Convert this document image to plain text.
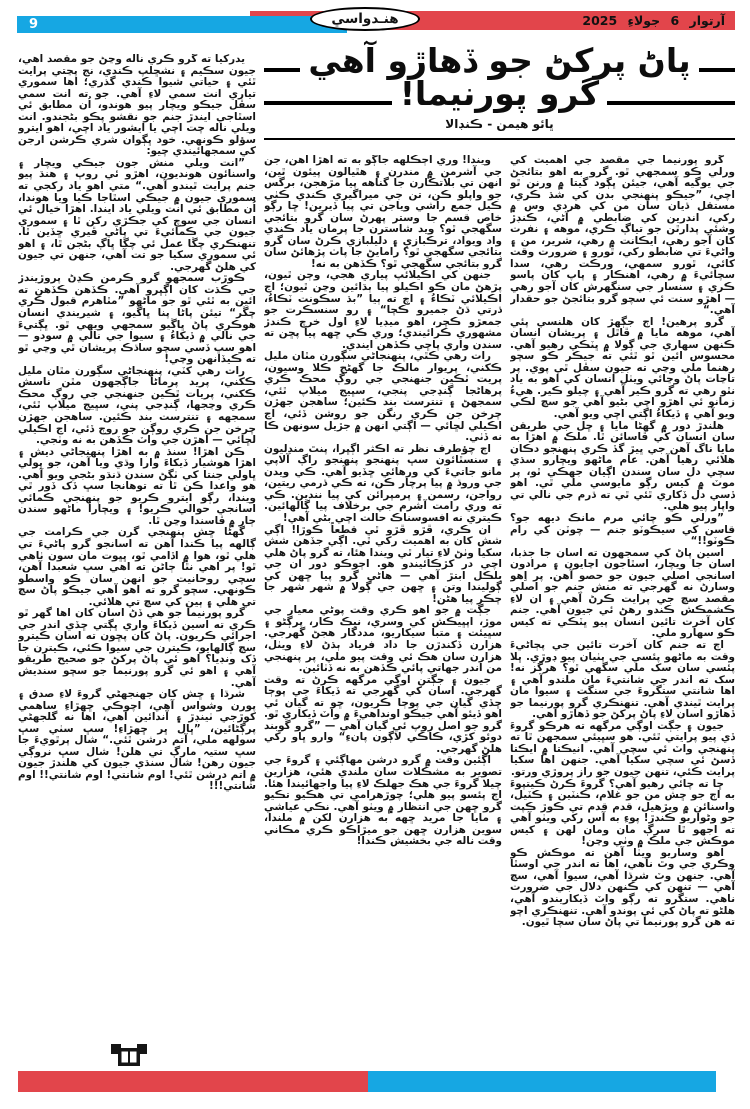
آرتوار 6 جولاءِ 2025
9	هنـدواسي
پاڻ پرکڻ جو ڏهاڙو آهي
گرو پورنيما!
ڀائو هيمن - ڪنڊالا

يدرکيا ته گرو ڪري ناله وڃڻ جو مقصد آهي، جيون سڪيم ۽ نشڇلپ ڪندي، نج پڃتي پرايت ٿئي ۽ حياتي شيوا ڪندي گذري؛ اها سموري تياري انت سمي لاءِ آهي. جو ته انت سمي سڦل جيڪو ويچار پيو هوندو، اُن مطابق ئي اسٿاجي ايندڙ جنم جو نقشو پڪو بڻجندو. انت ويلي ناله چت اچي يا ايشور ياد اچي، اهو ايترو سؤلو ڪونهي. خود ڀڳوان شري ڪرشن ارجن کي سمجهائيندي چيو:

”انت ويلي منش جون جيڪي ويچار ۽ واسنائون هونديون، اهڙو ئي روپ ۽ هنڌ پيو جنم پرايت ٿيندو آهي.“ متي اهو ياد رکجي ته سموري جيون ۾ جيڪي اسٿاجا ڪيا ويا هوندا، اُن مطابق ئي انت ويلي ياد ايندا. اهڙا خيال ئي انسان جي سوچ کي جڪڙي رکن ٿا ۽ سموري جيون جي ڪمائيءَ تي پاڻي ڦيري ڇڏين ٿا. تنهنڪري چڱا عمل ئي چڱا ڀاڳ بڻجن ٿا، ۽ اهو ئي سموري سکيا جو تت آهي، جنهن تي جيون کي هلڻ گهرجي.

ڪوڙب سمجهو گرو ڪرمن ڪڍڻ پروڙيندڙ جي ڪڌت کان اڳڀرو آهي. ڪڏهن ڪڏهن ته ائين به ٿئي ٿو جو ماڻهو ”مٿاهرم قبول ڪري چڱر“ تيئن پاڻا پنا ڀاڱيو، ۽ شيريندي انسان هوڪري پاڻ ڀاڱيو سمجهي ويهي ٿو. ڀڳتيءَ جي نالي ۾ ڏيکاءُ ۽ سيوا جي نالي ۾ سودو — اهو سڀ ڏسي سچو ساڌڪ پريشان ٿي وڃي ٿو ته ڪيڏانهن وڃي!

رات رهي کٽي، پنهنجاڻي سڳورن مٿان مليل ڪکني، پريد پرماڻا جاڳجهون مٿن ناسش ڪکني، پريات ٿڪين جنهنجي جي روڳ محڪ ڪري وڃجها، ڳنڍجي پني، سڀيج ميلاپ ٿئي، سمجهه ۽ تنترست بند ڪئين. ساهجن جهڙن چرخن جن ڪري روڳن جو روڄ ڏئي، اڃ اڪيلي لڇائي — اهڙن جي واٽ ڪڏهن به نه وٺجي.

ڪن اهڙا! سنڌ ۾ به اهڙا پنهنجاڻي ديش ۽ اهڙا هوشيار ڏيکاءَ وارا وڌي ويا آهن، جو ڀولي ڀاولي جنتا کي ٺڳڻ سندن ڌنڌو بڻجي ويو آهي. هو واعدا ڪن ٿا ته توهانجا سڀ ڏک ڏور ٿي ويندا، رڳو ايترو ڪريو جو پنهنجي ڪمائي اسانجي حوالي ڪريو! ۽ ويچارا ماڻهو سندن ڄار ۾ ڦاسندا وڃن ٿا.

گهڻا ڇش پنهنجي گرن جي ڪرامت جي ڳالهه پيا ڪندا آهن ته اسانجو گرو پاڻيءَ تي هلي ٿو، هوا ۾ اڏامي ٿو، ڀڀوت مان سون ٺاهي ٿو! پر اهي نٿا ڄاڻن ته اهي سڀ شعبدا آهن، سچي روحانيت جو انهن سان ڪو واسطو ڪونهي. سچو گرو ته اهو آهي جيڪو پاڻ سچ تي هلي ۽ ٻين کي سچ تي هلائي.

گرو پورنيما جو هي ڏڻ اسان کان اها گهر ٿو ڪري ته اسين ڏيکاءَ واري ڀڳتي ڇڏي اندر جي اجرائي ڪريون. پاڻ کان پڇون ته اسان ڪيترو سچ ڳالهايو، ڪيترن جي سيوا ڪئي، ڪيترن جا ڏک ونڊيا؟ اهو ئي پاڻ پرکڻ جو صحيح طريقو آهي ۽ اهو ئي گرو پورنيما جو سچو سنديش آهي.

شرڌا ۽ ڇش کان جهنجهڻي گروءَ لاءِ صدق ۽ پورن وشواس آهي، اچوڪي ڇهڙاءِ ساهمي کوڙجي ٺينڊڙ ۽ آندائين آهي، اها نه گلجهڻي پرڳڻائين، ”ڀال ڀر ڇهڙاءِ! سڀ سٺي سڀ سولهه ملي، آتم درشن ٿئي.“ شال پرٿويءَ جا سڀ ستيہ مارڳ تي هلن! شال سڀ نروڳي جيون رهن! شال سنڌي جيون کي هلندڙ جيون ۾ اتم درشن ٿئي! اوم شانتي! اوم شانتي!! اوم شانتي!!!

ويندا! وري اڄڪلهه جاڳو به ته اهڙا آهن، جن جي آشرمن ۾ مندرن ۽ هٿيالون پيئون ٿين، انهن تي بلاتڪارن جا گناهه پيا مڙهجن، برگس جو واپلو ڪن، تن جي ميراگيري ڪندي ڪٺي ڪيل جمع راشي وياجن تي پيا ڏيرين! ڇا رڳو خاص قسم جا وستر پهرڻ سان گرو بتائجي سگهجي ٿو؟ ويد شاسترن جا پرمان ياد ڪندي واد ويواد، ترڪبازي ۽ دليلبازي ڪرڻ سان گرو بتائجي سگهجي ٿو؟ رامايڻ جا پاٺ پڙهائڻ سان گرو بتائجي سگهجي ٿو؟ ڪڏهن به نه!

جنهن کي اڪيلائپ پياري هجي، وڄن ٿيون، پڙهڻ مان ڪو اڪيلو پيا ٻڌائين وڃن ٿيون؛ اڃ اڪيلائي ٽڪاءُ ۽ اچ ته ٻيا ”بڌ سڪونت ٽڪاءُ، ڌرتي ڌڻ جميرو ڪچا“ ۽ رو سنسڪرت جو جمعڙو ڪچر، اهو ميڊيا لاءِ اول خرچ ڪندڙ مشهوري ڪرائيندي؛ وري ڪي ڇهه پيا پڇن ته سندن واري پاڇي ڪڏهن ايندي.

رات رهي ڪٿي، پنهنجاڻي سڳورن مٿان مليل ڪکني، پريوار مالڪ جا گهڻج ڪلا وسيون، پريت ٿڪين جنهنجي جي روڳ محڪ ڪري پرهاڻجا ڳنڍجي پنجي، سڀيج ميلاپ ٿئي، سمجهڻ ۽ تنترست بند ڪئين؛ ساهجن جهڙن چرخن جن ڪري رنگن جو روشن ڏئي، اڃ اڪيلي لڇائي — اڳتي انهن ۾ جڙيل سونهن ڪا نه ڏٺي.

اڄ چؤطرف نظر ته اڪثر اڳڀرا، پنٿ منڊليون ۽ سنسٿائون سڀ پنهنجو پنهنجو راڳ آلاپي مانو جاتيءَ کي ورهائي ڇڏيو آهي. ڪي ويدن جي وروڌ ۾ پيا پرچار ڪن، ته ڪي ڌرمي ريتين، رواجن، رسمن ۽ پرمپرائن کي پيا نندين. ڪي ته وري رامت آشرم جي برخلاف پيا ڳالهائين. ڪيتري نه افسوسناڪ حالت اچي بڻي آهي!

ان ڪري، ڦڙو ڦڙو ٿي قطعاً ڪوڙا! اڳي شش کان به اهميت رکي ٿي. اڳي جڏهن شش سکيا وٺڻ لاءِ تيار ٿي ويندا هئا، ته گرو پاڻ هلي اچي در کڙڪائيندو هو. اڄوڪو دور ان جي بلڪل ابتڙ آهي — هاڻي گرو پيا ڇهن کي ڳوليندا وتن ۽ ڇهن جي ڳولا ۾ شهر شهر جا چڪر پيا هڻن!

جڳت ۾ جو اهو ڪري وقت پوڻي معيار جي موڙ، اپڀيڪش کي وسري، نيڪ ڪار، پرڳڻو ۽ سڀيئت ۽ متبا سيکاريو، مددگار هجڻ گهرجي. هزارن ڏکندڙن جا داد فرياد ٻڌڻ لاءِ ويٺل، هزارن سان هڪ ئي وقت پيو ملي، پر پنهنجي من اندر جهاتي پائي ڪڏهن به نه ڏٺائين.

جيون ۽ جڳتن اوڳي مرگهه ڪرڻ ته وقت گهرجي. اسان کي گهرجي ته ڏيکاءَ جي پوڄا ڇڏي گيان جي پوڄا ڪريون، ڇو ته گيان ئي اهو ڏيئو آهي جيڪو اونداهيءَ ۾ واٽ ڏيکاري ٿو. گرو جو اصل روپ ئي گيان آهي — ”گرو گوبند دوئو کڙي، ڪاڪي لاڳون پانءِ“ وارو ڀاو رکي هلڻ گهرجي.

اڳئين وقت ۾ گرو درشن مهاڳئي ۽ گروءَ جي تصوير به مشڪلات سان ملندي هئي، هزارين چيلا گروءَ جي هڪ جهلڪ لاءِ پيا واجهائيندا هئا. اڄ پئسو پيو هلي؛ چوڙهرامي تي هڪيو تڪيو گرو ڇهن جي انتظار ۾ ويٺو آهي. نڪي عياشي ۽ مايا جا مريد ڇهه به هزارن لکن ۾ ملندا، سوين هزارن ڇهن جو ميڙاڪو ڪري مڪاني وقت ناله جي بخشيش ڪندا!

گرو پورنيما جي مقصد جي اهميت کي ورلي ڪو سمجهي ٿو. گرو به اهو بتائجڻ جي يوگيه آهي، جيئن ڀڳود گيتا ۾ ورنن ٿو اچي، ”جيڪو پنهنجي بدن کي شڌ ڪري، مستقل ڌيان سان من کي هردي وس ۾ رکي، اندرين کي ضابطي ۾ آڻي، ڪنڊڙ وشئي پدارٿن جو تياڳ ڪري، موهه ۽ نفرت کان آجو رهي، ايڪانت ۾ رهي، شرير، من ۽ واڻيءَ تي ضابطو رکي، ٿورو ۽ ضرورت وقت کائي، ٿورو سمهي، ورڪت رهي، سدا سچائيءَ ۾ رهي، اهنڪار ۽ پاپ کان پاسو ڪري ۽ سنسار جي سنگهرش کان آجو رهي — اهڙو سنت ئي سچو گرو بتائجڻ جو حقدار آهي.“

گرو پرهين! اڄ جڳهڙ کان هلنسي پئي آهي، موهه مايا ۾ ڦاٿل ۽ پريشان انسان ڪنهن سهاري جي ڳولا ۾ ڀٽڪي رهيو آهي. محسوس ائين ٿو ٿئي ته جيڪر ڪو سچو رهنما ملي وڃي ته جيون سڦل ٿي پوي. پر تاڃات پاڻ وڃائي ويٺل انسان کي اهو به ياد نٿو رهي ته گرو ڪير آهي ۽ چيلو ڪير. هيءُ زمانو ئي اهڙو اچي بڻيو آهي جو سچ لڪي ويو آهي ۽ ڏيکاءُ اڳتي اچي ويو آهي.

هلندڙ دور ۾ گهڻا مايا ۽ ڇل جي طريقن سان انسان کي ڦاسائن ٿا. ملڪ ۾ اهڙا به مايا ناگ آهن جي ڀيڙ گڏ ڪري پنهنجو دڪان هلائي رهيا آهن. عام ماڻهو ويچارو سڌي سچي دل سان سندن اڳيان جهڪي ٿو، پر موٽ ۾ کيس رڳو مايوسي ملي ٿي. اهو ڏسي دل ڏکاري ٿئي ٿي ته ڌرم جي نالي تي واپار پيو هلي.

”ورلي ڪو چائي مرم مانڪ ديهه جو؟ قاسن کي سيڪوٽو جنم — چوٽن کي رام ڪوٽو!!“

اسين پاڻ کي سمجهون ته اسان جا جذبا، اسان جا ويچار، اسٿاجون اڃايون ۽ مرادون اسانجي اصلي جيون جو حصو آهن. پر اِهو وسارڻ نه گهرجي ته منش جنم جو اصلي مقصد سچ جي پرايت ڪرڻ آهي ۽ ان لاءِ ڪشمڪش ڪندو رهڻ ئي جيون آهي. جنم کان آخرت تائين انسان پيو ڀٽڪي ته کيس ڪو سهارو ملي.

اڄ ته جنم کان آخرت تائين جي پڄاڻيءَ وقت به ماڻهو پئسي جي پٺيان پيو ڊوڙي. ڀلا پئسي سان سک ملي سگهي ٿو؟ هرگز نه! سک ته اندر جي شانتيءَ مان ملندو آهي ۽ اها شانتي ستگروءَ جي سنگت ۽ سيوا مان پرايت ٿيندي آهي. تنهنڪري گرو پورنيما جو ڏهاڙو اسان لاءِ پاڻ پرکڻ جو ڏهاڙو آهي.

جيون ۽ جڳت اوڳي مرگهه ته هرڪو گروءَ ڏي پيو پرايتي ٿئي. هو سڀيئي سمجهن ٿا ته پنهنجي واٽ ئي سچي آهي. انيڪتا ۾ ايڪتا ڏسڻ ئي سچي سکيا آهي. جنهن اها سکيا پرايت ڪئي، تنهن جيون جو راز پروڙي ورتو.

ڇا ته چائي رهيو آهي؟ گروءَ ڪرڻ ڪيتپوءَ به اڄ جو ڇش من جو غلام، ڪنٽين ۽ ڪٽيل، واسنائن ۾ ويڙهيل، قدم قدم تي ڪوڙ ڪپت جو وڻواريو ڪندڙ! پوءِ به آس رکي ويٺو آهي ته اجهو ٿا سرڳ مان ومان لهن ۽ کيس موڪش جي ملڪ ۾ وٺي وڃن!

اهو وساريو ويٺا آهن ته موڪش ڪو وڪري جي وٿ ناهي، اها ته اندر جي اوسٿا آهي. جنهن وٽ شرڌا آهي، سيوا آهي، سچ آهي — تنهن کي ڪنهن دلال جي ضرورت ناهي. ستگرو ته رڳو واٽ ڏيکاريندو آهي، هلڻو ته پاڻ کي ئي پوندو آهي. تنهنڪري اچو ته هن گرو پورنيما تي پاڻ سان سچا ٿيون.
